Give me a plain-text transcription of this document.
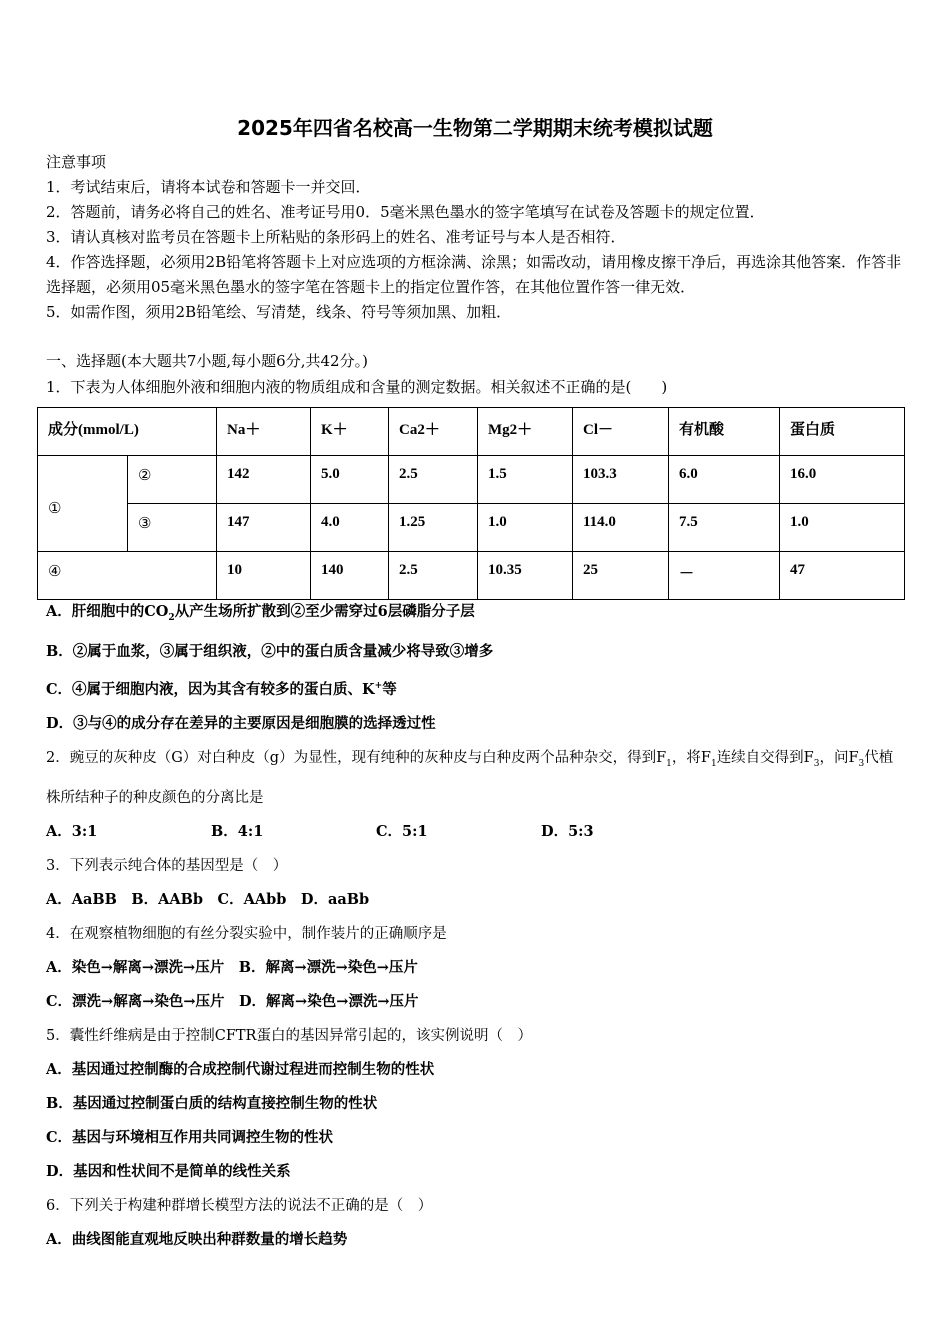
2025年四省名校高一生物第二学期期末统考模拟试题
注意事项
1．考试结束后，请将本试卷和答题卡一并交回．
2．答题前，请务必将自己的姓名、准考证号用0．5毫米黑色墨水的签字笔填写在试卷及答题卡的规定位置．
3．请认真核对监考员在答题卡上所粘贴的条形码上的姓名、准考证号与本人是否相符．
4．作答选择题，必须用2B铅笔将答题卡上对应选项的方框涂满、涂黑；如需改动，请用橡皮擦干净后，再选涂其他答案．作答非选择题，必须用05毫米黑色墨水的签字笔在答题卡上的指定位置作答，在其他位置作答一律无效．
5．如需作图，须用2B铅笔绘、写清楚，线条、符号等须加黑、加粗．
一、选择题(本大题共7小题,每小题6分,共42分。)
1．下表为人体细胞外液和细胞内液的物质组成和含量的测定数据。相关叙述不正确的是(　　)
成分(mmol/L)		Na＋	K＋	Ca2＋	Mg2＋	Cl－	有机酸	蛋白质
①	②	142	5.0	2.5	1.5	103.3	6.0	16.0
	③	147	4.0	1.25	1.0	114.0	7.5	1.0
④		10	140	2.5	10.35	25	－	47
A．肝细胞中的$CO_2$从产生场所扩散到②至少需穿过6层磷脂分子层
B．②属于血浆，③属于组织液，②中的蛋白质含量减少将导致③增多
C．④属于细胞内液，因为其含有较多的蛋白质、K+等
D．③与④的成分存在差异的主要原因是细胞膜的选择透过性
2．豌豆的灰种皮（G）对白种皮（g）为显性，现有纯种的灰种皮与白种皮两个品种杂交，得到$F_1$，将$F_1$连续自交得到$F_3$，问$F_3$代植株所结种子的种皮颜色的分离比是
A．3:1	B．4:1	C．5:1	D．5:3
3．下列表示纯合体的基因型是（　）
A．AaBB　B．AABb　C．AAbb　D．aaBb
4．在观察植物细胞的有丝分裂实验中，制作装片的正确顺序是
A．染色→解离→漂洗→压片　B．解离→漂洗→染色→压片
C．漂洗→解离→染色→压片　D．解离→染色→漂洗→压片
5．囊性纤维病是由于控制CFTR蛋白的基因异常引起的，该实例说明（　）
A．基因通过控制酶的合成控制代谢过程进而控制生物的性状
B．基因通过控制蛋白质的结构直接控制生物的性状
C．基因与环境相互作用共同调控生物的性状
D．基因和性状间不是简单的线性关系
6．下列关于构建种群增长模型方法的说法不正确的是（　）
A．曲线图能直观地反映出种群数量的增长趋势
